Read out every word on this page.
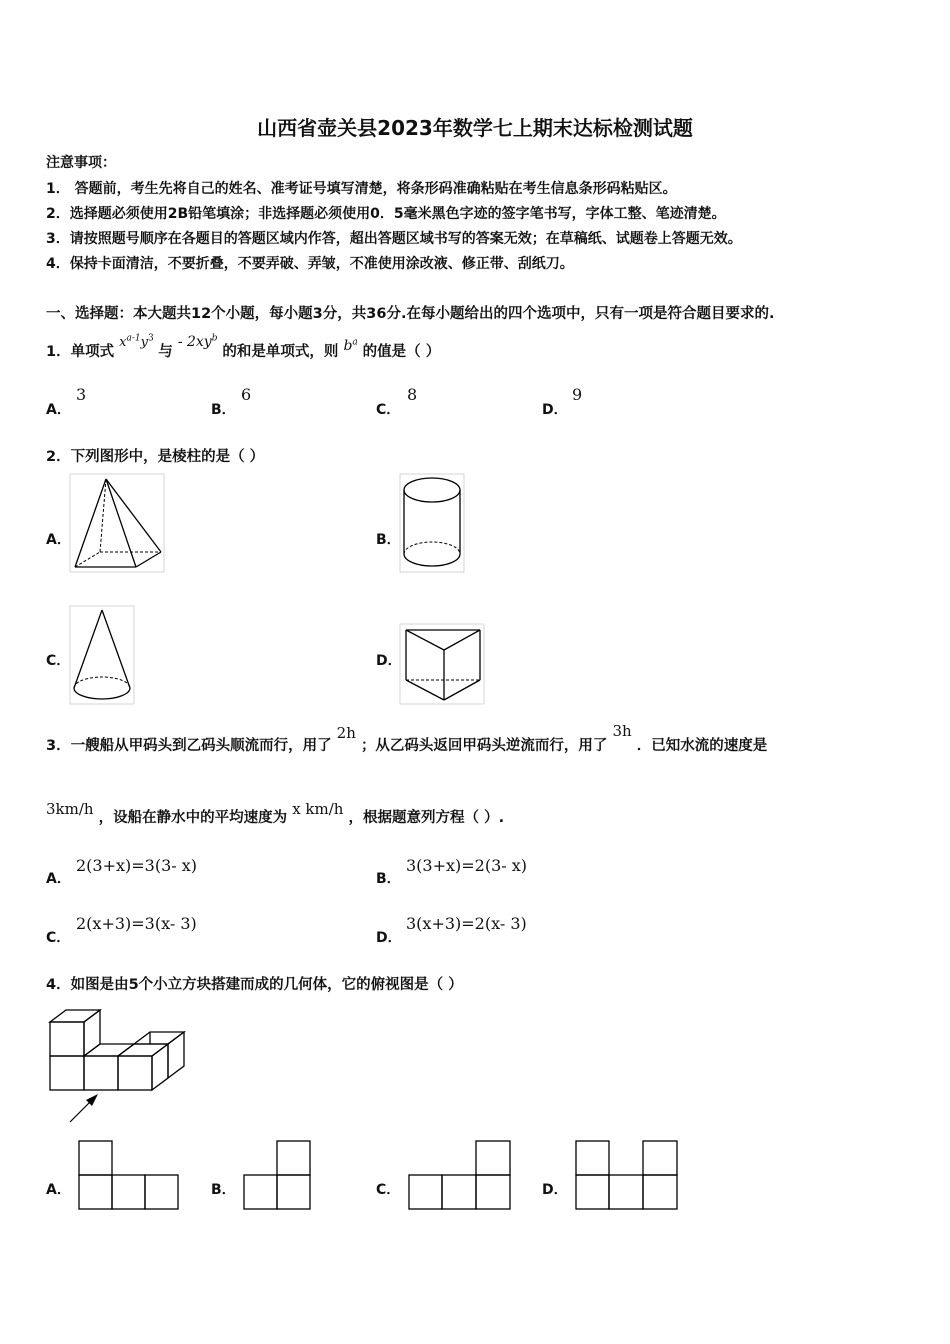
山西省壶关县2023年数学七上期末达标检测试题
注意事项：
1． 答题前，考生先将自己的姓名、准考证号填写清楚，将条形码准确粘贴在考生信息条形码粘贴区。
2．选择题必须使用2B铅笔填涂；非选择题必须使用0．5毫米黑色字迹的签字笔书写，字体工整、笔迹清楚。
3．请按照题号顺序在各题目的答题区域内作答，超出答题区域书写的答案无效；在草稿纸、试题卷上答题无效。
4．保持卡面清洁，不要折叠，不要弄破、弄皱，不准使用涂改液、修正带、刮纸刀。
一、选择题：本大题共12个小题，每小题3分，共36分.在每小题给出的四个选项中，只有一项是符合题目要求的.
1．单项式 $x^{a-1}y^3$ 与 - $2xy^b$ 的和是单项式，则 $b^a$ 的值是（ ）
A．
3
B．
6
C．
8
D．
9
2．下列图形中，是棱柱的是（ ）
A．	B．
C．	D．
3．一艘船从甲码头到乙码头顺流而行，用了 2h ；从乙码头返回甲码头逆流而行，用了 3h ．已知水流的速度是
3km/h ，设船在静水中的平均速度为 x km/h ，根据题意列方程（ ）.
A．
2(3+x)=3(3- x)
B．
3(3+x)=2(3- x)
C．
2(x+3)=3(x- 3)
D．
3(x+3)=2(x- 3)
4．如图是由5个小立方块搭建而成的几何体，它的俯视图是（ ）
A．	B．	C．	D．
